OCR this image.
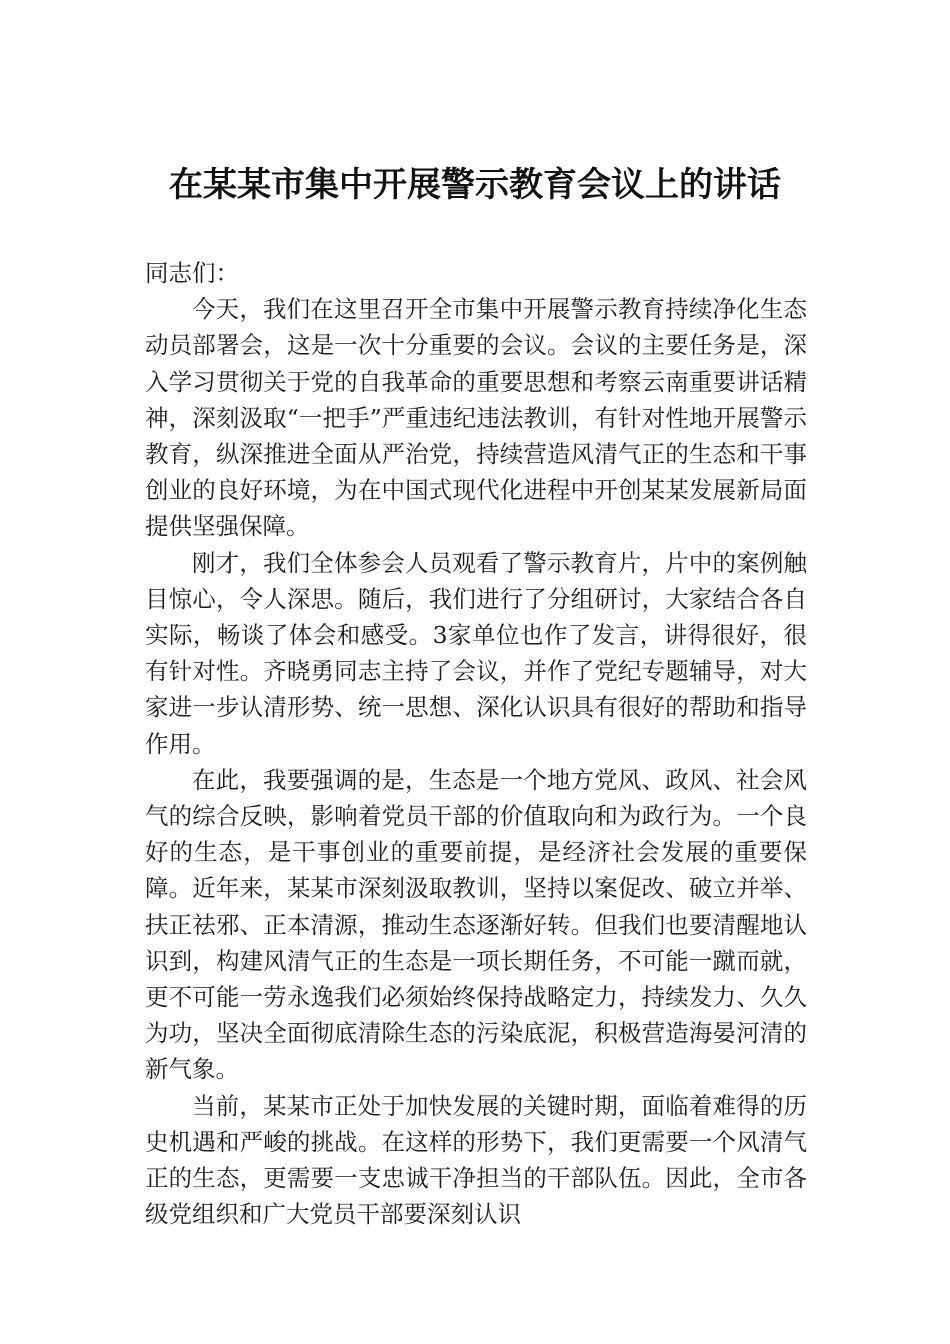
在某某市集中开展警示教育会议上的讲话

同志们：

今天，我们在这里召开全市集中开展警示教育持续净化生态动员部署会，这是一次十分重要的会议。会议的主要任务是，深入学习贯彻关于党的自我革命的重要思想和考察云南重要讲话精神，深刻汲取“一把手”严重违纪违法教训，有针对性地开展警示教育，纵深推进全面从严治党，持续营造风清气正的生态和干事创业的良好环境，为在中国式现代化进程中开创某某发展新局面提供坚强保障。

刚才，我们全体参会人员观看了警示教育片，片中的案例触目惊心，令人深思。随后，我们进行了分组研讨，大家结合各自实际，畅谈了体会和感受。3家单位也作了发言，讲得很好，很有针对性。齐晓勇同志主持了会议，并作了党纪专题辅导，对大家进一步认清形势、统一思想、深化认识具有很好的帮助和指导作用。

在此，我要强调的是，生态是一个地方党风、政风、社会风气的综合反映，影响着党员干部的价值取向和为政行为。一个良好的生态，是干事创业的重要前提，是经济社会发展的重要保障。近年来，某某市深刻汲取教训，坚持以案促改、破立并举、扶正祛邪、正本清源，推动生态逐渐好转。但我们也要清醒地认识到，构建风清气正的生态是一项长期任务，不可能一蹴而就，更不可能一劳永逸我们必须始终保持战略定力，持续发力、久久为功，坚决全面彻底清除生态的污染底泥，积极营造海晏河清的新气象。

当前，某某市正处于加快发展的关键时期，面临着难得的历史机遇和严峻的挑战。在这样的形势下，我们更需要一个风清气正的生态，更需要一支忠诚干净担当的干部队伍。因此，全市各级党组织和广大党员干部要深刻认识
